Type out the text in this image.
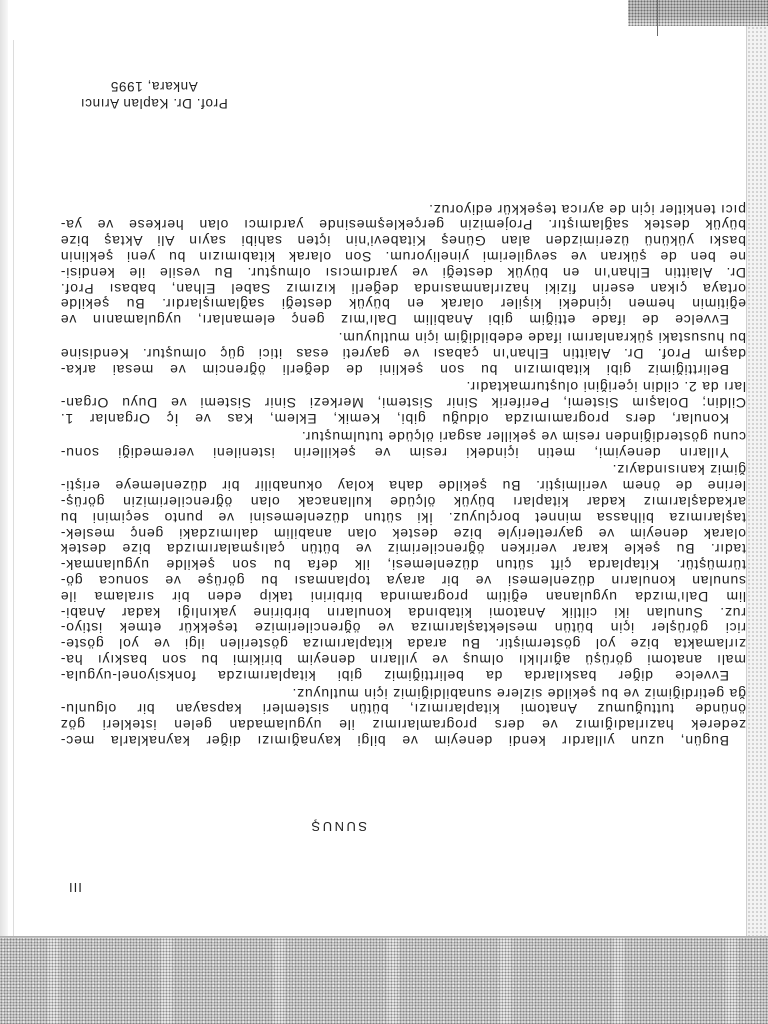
III
SUNUŞ
Bugün, uzun yıllardır kendi deneyim ve bilgi kaynağımızı diğer kaynaklarla mec-
zederek hazırladığımız ve ders programlarımız ile uygulamadan gelen istekleri göz
önünde tuttuğumuz Anatomi kitaplarımızı, bütün sistemleri kapsayan bir olgunlu-
ğa getirdiğimiz ve bu şekilde sizlere sunabildiğimiz için mutluyuz.
Evvelce diğer baskılarda da belirttiğimiz gibi kitaplarımızda fonksiyonel-uygula-
malı anatomi görüşü ağırlıklı olmuş ve yılların deneyim birikimi bu son baskıyı ha-
zırlamakta bize yol göstermiştir. Bu arada kitaplarımıza gösterilen ilgi ve yol göste-
rici görüşler için bütün meslektaşlarımıza ve öğrencilerimize teşekkür etmek istiyo-
ruz. Sunulan iki ciltlik Anatomi kitabında konuların birbirine yakınlığı kadar Anabi-
lim Dalı'mızda uygulanan eğitim programında birbirini takip eden bir sıralama ile
sunulan konuların düzenlemesi ve bir araya toplanması bu görüşe ve sonuca gö-
türmüştür. Kitaplarda çift sütun düzenlemesi, ilk defa bu son şekilde uygulanmak-
tadır. Bu şekle karar verirken öğrencilerimiz ve bütün çalışmalarımızda bize destek
olarak deneyim ve gayretleriyle bize destek olan anabilim dalımızdaki genç meslek-
taşlarımıza bilhassa minnet borçluyuz. İki sütun düzenlemesini ve punto seçimini bu
arkadaşlarımız kadar kitapları büyük ölçüde kullanacak olan öğrencilerimizin görüş-
lerine de önem verilmiştir. Bu şekilde daha kolay okunabilir bir düzenlemeye erişti-
ğimiz kanısındayız.
Yılların deneyimi, metin içindeki resim ve şekillerin istenileni veremediği sonu-
cunu gösterdiğinden resim ve şekiller asgari ölçüde tutulmuştur.
Konular, ders programımızda olduğu gibi, Kemik, Eklem, Kas ve İç Organlar 1.
Cildin; Dolaşım Sistemi, Periferik Sinir Sistemi, Merkezi Sinir Sistemi ve Duyu Organ-
ları da 2. cildin içeriğini oluşturmaktadır.
Belirttiğimiz gibi kitabımızın bu son şeklini de değerli öğrencim ve mesai arka-
daşım Prof. Dr. Alaittin Elhan'ın çabası ve gayreti esas itici güç olmuştur. Kendisine
bu husustaki şükranlarımı ifade edebildiğim için mutluyum.
Evvelce de ifade ettiğim gibi Anabilim Dalı'mız genç elemanları, uygulamanın ve
eğitimin hemen içindeki kişiler olarak en büyük desteği sağlamışlardır. Bu şekilde
ortaya çıkan eserin fiziki hazırlanmasında değerli kızımız Sabel Elhan, babası Prof.
Dr. Alaittin Elhan'ın en büyük desteği ve yardımcısı olmuştur. Bu vesile ile kendisi-
ne ben de şükran ve sevgilerimi yineliyorum. Son olarak kitabımızın bu yeni şeklinin
baskı yükünü üzerimizden alan Güneş Kitabevi'nin içten sahibi sayın Ali Aktaş bize
büyük destek sağlamıştır. Projemizin gerçekleşmesinde yardımcı olan herkese ve ya-
pıcı tenkitler için de ayrıca teşekkür ediyoruz.
Prof. Dr. Kaplan Arıncı
Ankara, 1995
